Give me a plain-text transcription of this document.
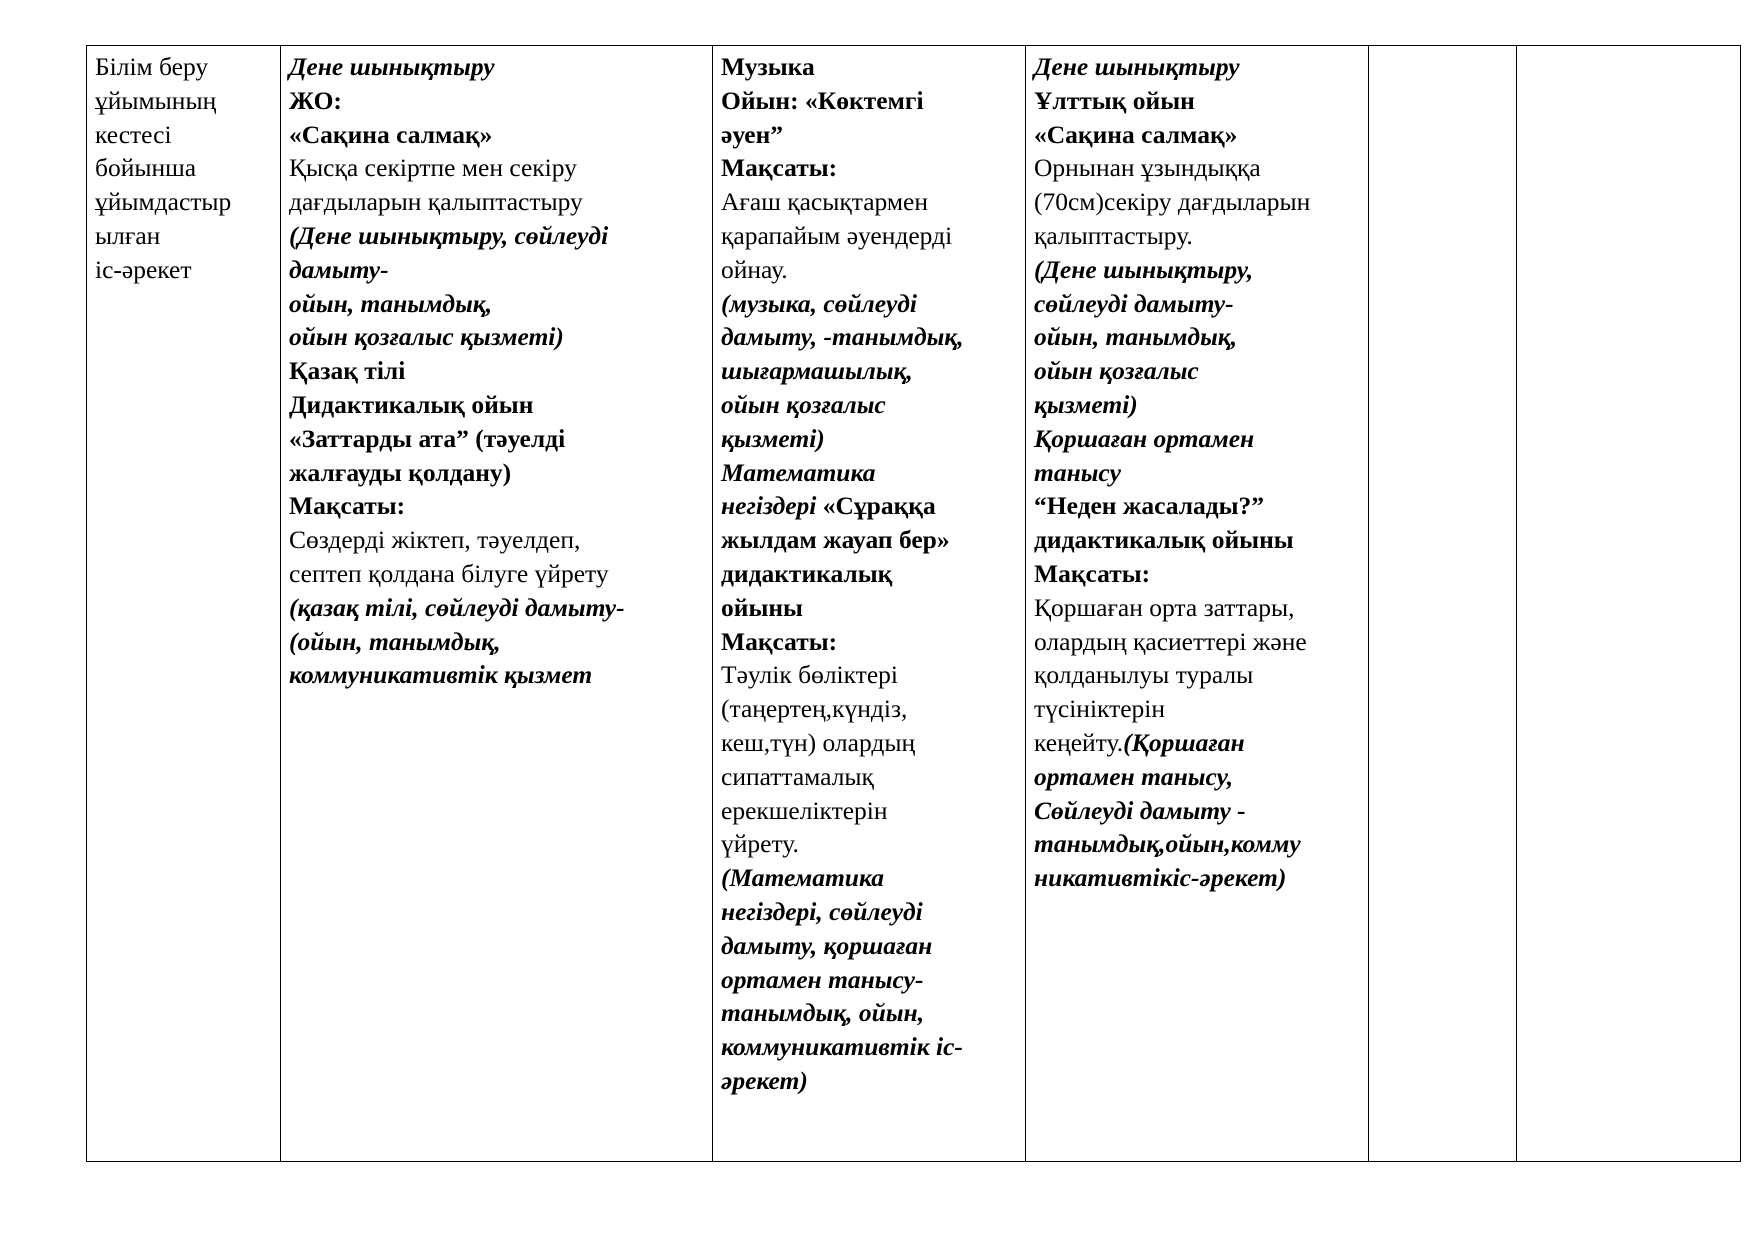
Білім беру
ұйымының
кестесі
бойынша
ұйымдастыр
ылған
іс-әрекет

Дене шынықтыру
ЖО:
«Сақина салмақ»
Қысқа секіртпе мен секіру
дағдыларын қалыптастыру
(Дене шынықтыру, сөйлеуді
дамыту-
ойын, танымдық,
ойын қозғалыс қызметі)
Қазақ тілі
Дидактикалық ойын
«Заттарды ата” (тәуелді
жалғауды қолдану)
Мақсаты:
Сөздерді жіктеп, тәуелдеп,
септеп қолдана білуге үйрету
(қазақ тілі, сөйлеуді дамыту-
(ойын, танымдық,
коммуникативтік қызмет

Музыка
Ойын: «Көктемгі
әуен”
Мақсаты:
Ағаш қасықтармен
қарапайым әуендерді
ойнау.
(музыка, сөйлеуді
дамыту, -танымдық,
шығармашылық,
ойын қозғалыс
қызметі)
Математика
негіздері «Сұраққа
жылдам жауап бер»
дидактикалық
ойыны
Мақсаты:
Тәулік бөліктері
(таңертең,күндіз,
кеш,түн) олардың
сипаттамалық
ерекшеліктерін
үйрету.
(Математика
негіздері, сөйлеуді
дамыту, қоршаған
ортамен танысу-
танымдық, ойын,
коммуникативтік іс-
әрекет)

Дене шынықтыру
Ұлттық ойын
«Сақина салмақ»
Орнынан ұзындыққа
(70см)секіру дағдыларын
қалыптастыру.
(Дене шынықтыру,
сөйлеуді дамыту-
ойын, танымдық,
ойын қозғалыс
қызметі)
Қоршаған ортамен
танысу
“Неден жасалады?”
дидактикалық ойыны
Мақсаты:
Қоршаған орта заттары,
олардың қасиеттері және
қолданылуы туралы
түсініктерін
кеңейту.(Қоршаған
ортамен танысу,
Сөйлеуді дамыту -
танымдық,ойын,комму
никативтікіс-әрекет)
